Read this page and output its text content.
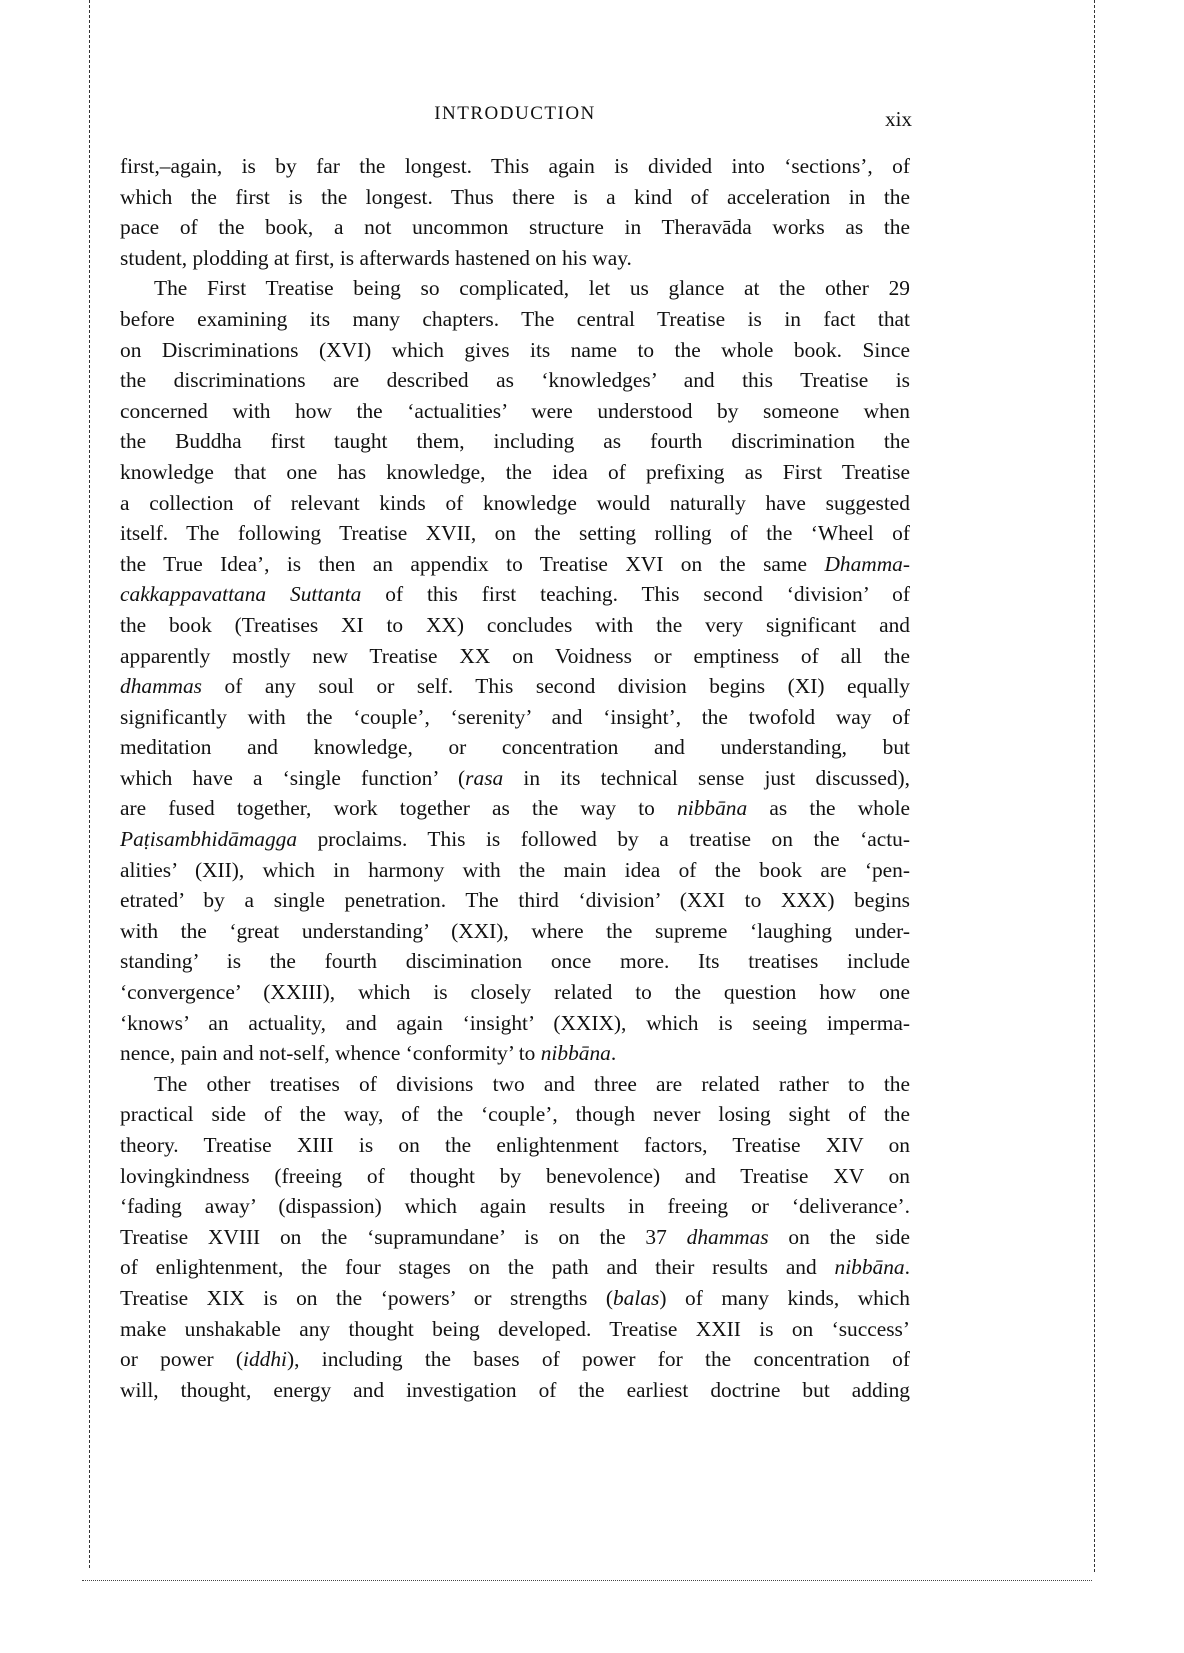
INTRODUCTION	xix
first,–again, is by far the longest. This again is divided into ‘sections’, of
which the first is the longest. Thus there is a kind of acceleration in the
pace of the book, a not uncommon structure in Theravāda works as the
student, plodding at first, is afterwards hastened on his way.
The First Treatise being so complicated, let us glance at the other 29
before examining its many chapters. The central Treatise is in fact that
on Discriminations (XVI) which gives its name to the whole book. Since
the discriminations are described as ‘knowledges’ and this Treatise is
concerned with how the ‘actualities’ were understood by someone when
the Buddha first taught them, including as fourth discrimination the
knowledge that one has knowledge, the idea of prefixing as First Treatise
a collection of relevant kinds of knowledge would naturally have suggested
itself. The following Treatise XVII, on the setting rolling of the ‘Wheel of
the True Idea’, is then an appendix to Treatise XVI on the same Dhamma-
cakkappavattana Suttanta of this first teaching. This second ‘division’ of
the book (Treatises XI to XX) concludes with the very significant and
apparently mostly new Treatise XX on Voidness or emptiness of all the
dhammas of any soul or self. This second division begins (XI) equally
significantly with the ‘couple’, ‘serenity’ and ‘insight’, the twofold way of
meditation and knowledge, or concentration and understanding, but
which have a ‘single function’ (rasa in its technical sense just discussed),
are fused together, work together as the way to nibbāna as the whole
Paṭisambhidāmagga proclaims. This is followed by a treatise on the ‘actu-
alities’ (XII), which in harmony with the main idea of the book are ‘pen-
etrated’ by a single penetration. The third ‘division’ (XXI to XXX) begins
with the ‘great understanding’ (XXI), where the supreme ‘laughing under-
standing’ is the fourth discimination once more. Its treatises include
‘convergence’ (XXIII), which is closely related to the question how one
‘knows’ an actuality, and again ‘insight’ (XXIX), which is seeing imperma-
nence, pain and not-self, whence ‘conformity’ to nibbāna.
The other treatises of divisions two and three are related rather to the
practical side of the way, of the ‘couple’, though never losing sight of the
theory. Treatise XIII is on the enlightenment factors, Treatise XIV on
lovingkindness (freeing of thought by benevolence) and Treatise XV on
‘fading away’ (dispassion) which again results in freeing or ‘deliverance’.
Treatise XVIII on the ‘supramundane’ is on the 37 dhammas on the side
of enlightenment, the four stages on the path and their results and nibbāna.
Treatise XIX is on the ‘powers’ or strengths (balas) of many kinds, which
make unshakable any thought being developed. Treatise XXII is on ‘success’
or power (iddhi), including the bases of power for the concentration of
will, thought, energy and investigation of the earliest doctrine but adding
